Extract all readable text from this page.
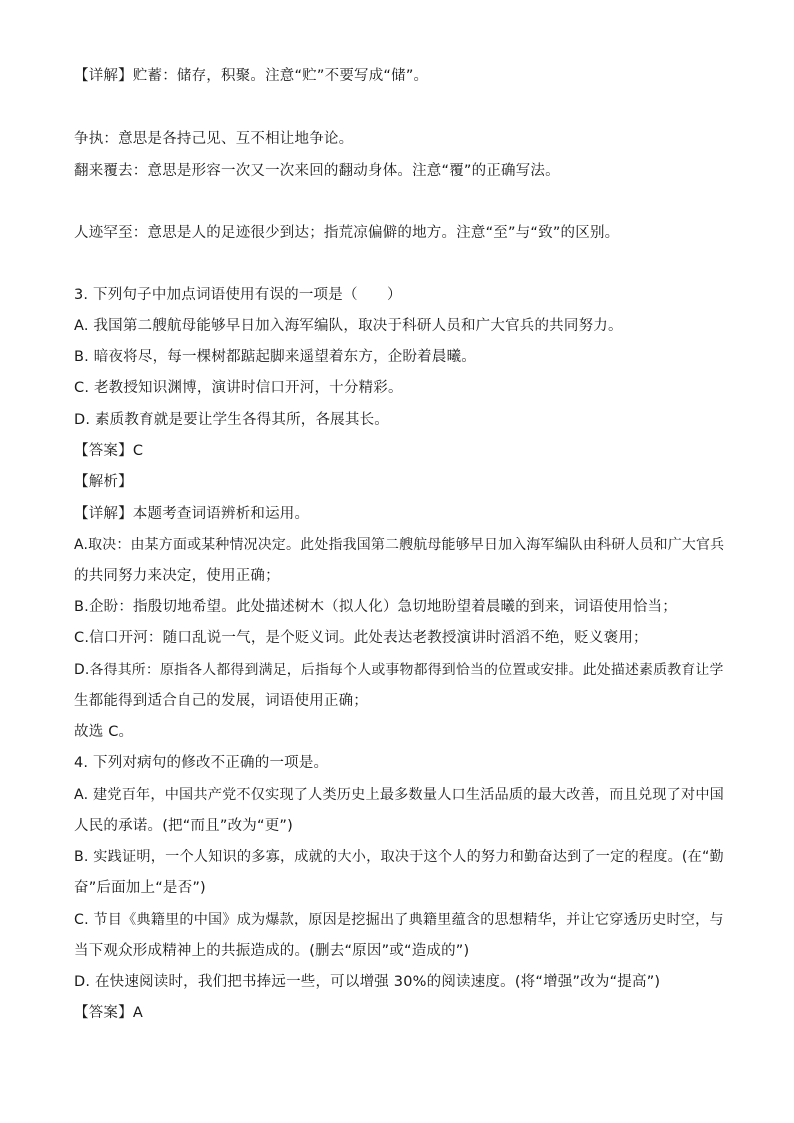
【详解】贮蓄：储存，积聚。注意“贮”不要写成“储”。
争执：意思是各持己见、互不相让地争论。
翻来覆去：意思是形容一次又一次来回的翻动身体。注意“覆”的正确写法。
人迹罕至：意思是人的足迹很少到达；指荒凉偏僻的地方。注意“至”与“致”的区别。
3. 下列句子中加点词语使用有误的一项是（　　）
A. 我国第二艘航母能够早日加入海军编队，取决于科研人员和广大官兵的共同努力。
B. 暗夜将尽，每一棵树都踮起脚来遥望着东方，企盼着晨曦。
C. 老教授知识渊博，演讲时信口开河，十分精彩。
D. 素质教育就是要让学生各得其所，各展其长。
【答案】C
【解析】
【详解】本题考查词语辨析和运用。
A.取决：由某方面或某种情况决定。此处指我国第二艘航母能够早日加入海军编队由科研人员和广大官兵
的共同努力来决定，使用正确；
B.企盼：指殷切地希望。此处描述树木（拟人化）急切地盼望着晨曦的到来，词语使用恰当；
C.信口开河：随口乱说一气，是个贬义词。此处表达老教授演讲时滔滔不绝，贬义褒用；
D.各得其所：原指各人都得到满足，后指每个人或事物都得到恰当的位置或安排。此处描述素质教育让学
生都能得到适合自己的发展，词语使用正确；
故选 C。
4. 下列对病句的修改不正确的一项是。
A. 建党百年，中国共产党不仅实现了人类历史上最多数量人口生活品质的最大改善，而且兑现了对中国
人民的承诺。(把“而且”改为“更”)
B. 实践证明，一个人知识的多寡，成就的大小，取决于这个人的努力和勤奋达到了一定的程度。(在“勤
奋”后面加上“是否”)
C. 节目《典籍里的中国》成为爆款，原因是挖掘出了典籍里蕴含的思想精华，并让它穿透历史时空，与
当下观众形成精神上的共振造成的。(删去“原因”或“造成的”)
D. 在快速阅读时，我们把书捧远一些，可以增强 30%的阅读速度。(将“增强”改为“提高”)
【答案】A
